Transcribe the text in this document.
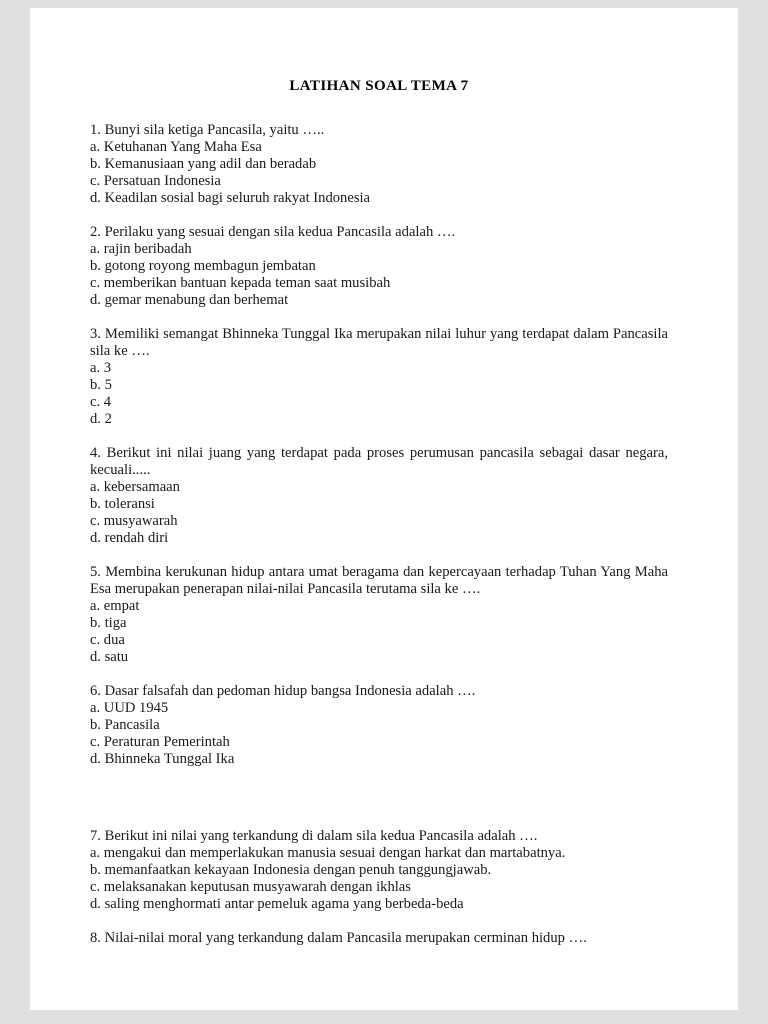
LATIHAN SOAL TEMA 7

1. Bunyi sila ketiga Pancasila, yaitu …..

a. Ketuhanan Yang Maha Esa

b. Kemanusiaan yang adil dan beradab

c. Persatuan Indonesia

d. Keadilan sosial bagi seluruh rakyat Indonesia

2. Perilaku yang sesuai dengan sila kedua Pancasila adalah ….

a. rajin beribadah

b. gotong royong membagun jembatan

c. memberikan bantuan kepada teman saat musibah

d. gemar menabung dan berhemat

3. Memiliki semangat Bhinneka Tunggal Ika merupakan nilai luhur yang terdapat dalam Pancasila sila ke ….

a. 3

b. 5

c. 4

d. 2

4. Berikut ini nilai juang yang terdapat pada proses perumusan pancasila sebagai dasar negara, kecuali.....

a. kebersamaan

b. toleransi

c. musyawarah

d. rendah diri

5. Membina kerukunan hidup antara umat beragama dan kepercayaan terhadap Tuhan Yang Maha Esa merupakan penerapan nilai-nilai Pancasila terutama sila ke ….

a. empat

b. tiga

c. dua

d. satu

6. Dasar falsafah dan pedoman hidup bangsa Indonesia adalah ….

a. UUD 1945

b. Pancasila

c. Peraturan Pemerintah

d. Bhinneka Tunggal Ika

7. Berikut ini nilai yang terkandung di dalam sila kedua Pancasila adalah ….

a. mengakui dan memperlakukan manusia sesuai dengan harkat dan martabatnya.

b. memanfaatkan kekayaan Indonesia dengan penuh tanggungjawab.

c. melaksanakan keputusan musyawarah dengan ikhlas

d. saling menghormati antar pemeluk agama yang berbeda-beda

8. Nilai-nilai moral yang terkandung dalam Pancasila merupakan cerminan hidup ….
